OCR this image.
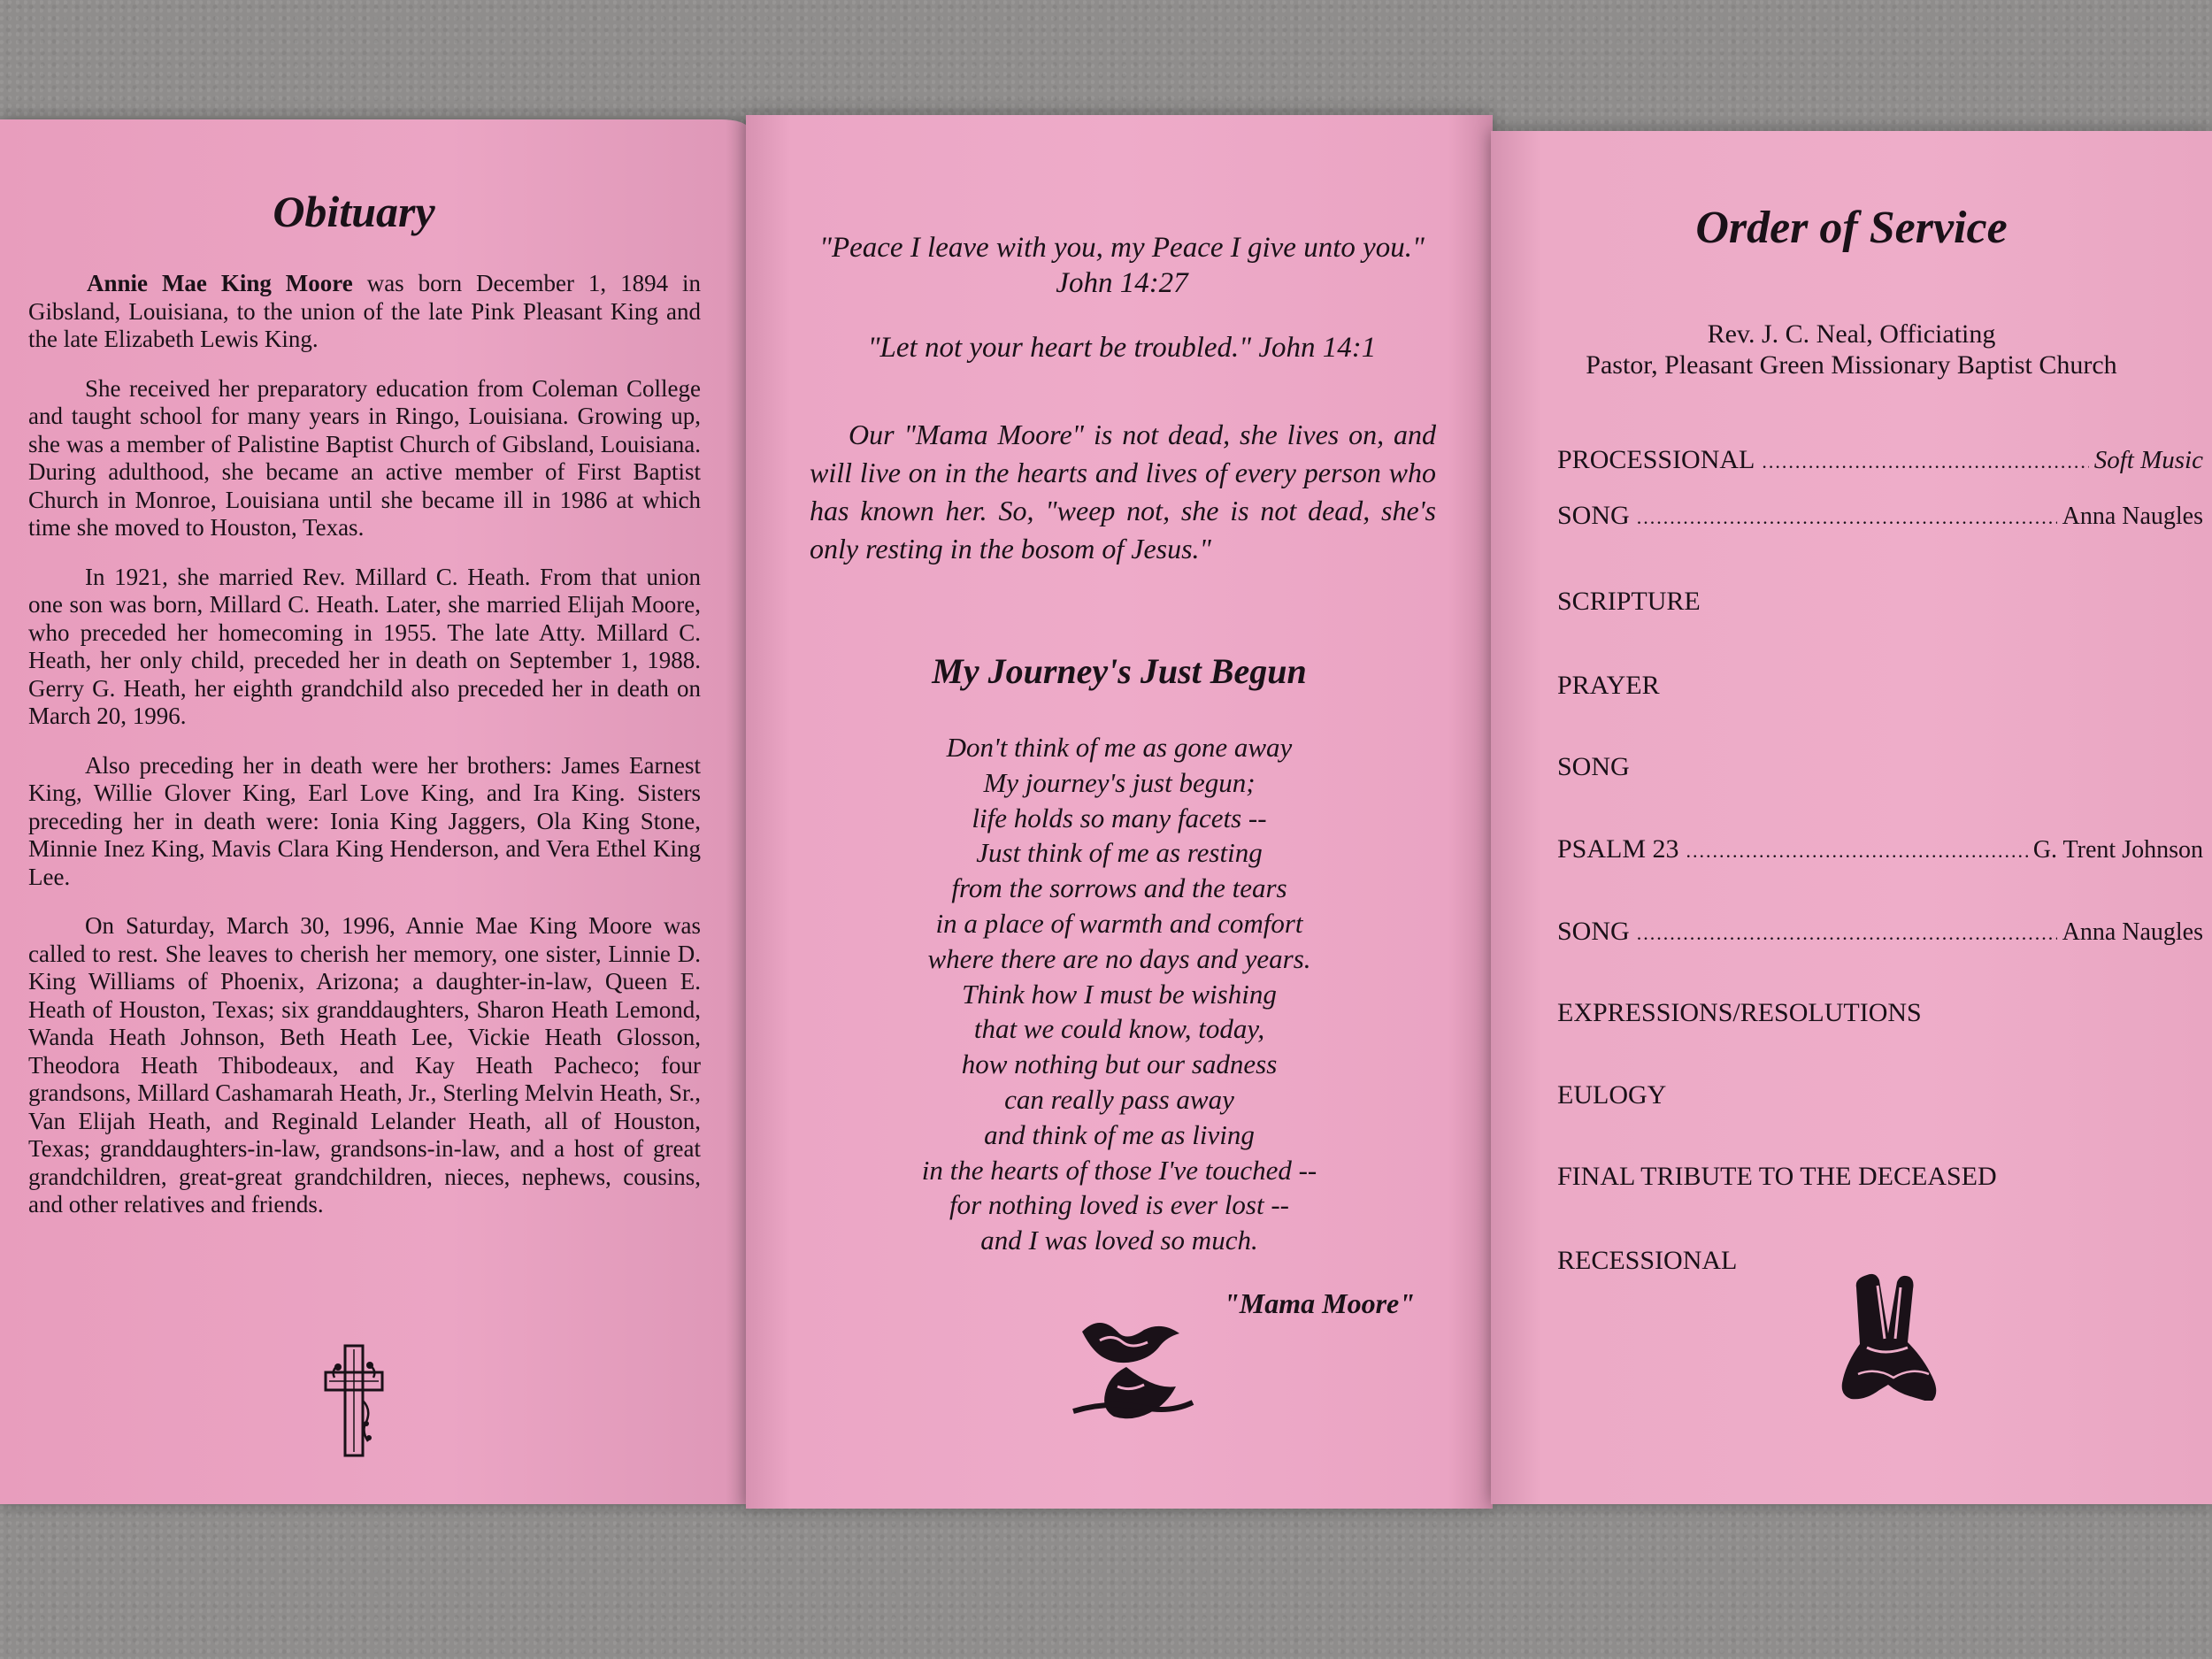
Obituary

Annie Mae King Moore was born December 1, 1894 in Gibsland, Louisiana, to the union of the late Pink Pleasant King and the late Elizabeth Lewis King.

She received her preparatory education from Coleman College and taught school for many years in Ringo, Louisiana. Growing up, she was a member of Palistine Baptist Church of Gibsland, Louisiana. During adulthood, she became an active member of First Baptist Church in Monroe, Louisiana until she became ill in 1986 at which time she moved to Houston, Texas.

In 1921, she married Rev. Millard C. Heath. From that union one son was born, Millard C. Heath. Later, she married Elijah Moore, who preceded her homecoming in 1955. The late Atty. Millard C. Heath, her only child, preceded her in death on September 1, 1988. Gerry G. Heath, her eighth grandchild also preceded her in death on March 20, 1996.

Also preceding her in death were her brothers: James Earnest King, Willie Glover King, Earl Love King, and Ira King. Sisters preceding her in death were: Ionia King Jaggers, Ola King Stone, Minnie Inez King, Mavis Clara King Henderson, and Vera Ethel King Lee.

On Saturday, March 30, 1996, Annie Mae King Moore was called to rest. She leaves to cherish her memory, one sister, Linnie D. King Williams of Phoenix, Arizona; a daughter-in-law, Queen E. Heath of Houston, Texas; six granddaughters, Sharon Heath Lemond, Wanda Heath Johnson, Beth Heath Lee, Vickie Heath Glosson, Theodora Heath Thibodeaux, and Kay Heath Pacheco; four grandsons, Millard Cashamarah Heath, Jr., Sterling Melvin Heath, Sr., Van Elijah Heath, and Reginald Lelander Heath, all of Houston, Texas; granddaughters-in-law, grandsons-in-law, and a host of great grandchildren, great-great grandchildren, nieces, nephews, cousins, and other relatives and friends.

"Peace I leave with you, my Peace I give unto you."
John 14:27
"Let not your heart be troubled." John 14:1
Our "Mama Moore" is not dead, she lives on, and will live on in the hearts and lives of every person who has known her. So, "weep not, she is not dead, she's only resting in the bosom of Jesus."
My Journey's Just Begun
Don't think of me as gone away
My journey's just begun;
life holds so many facets --
Just think of me as resting
from the sorrows and the tears
in a place of warmth and comfort
where there are no days and years.
Think how I must be wishing
that we could know, today,
how nothing but our sadness
can really pass away
and think of me as living
in the hearts of those I've touched --
for nothing loved is ever lost --
and I was loved so much.
"Mama Moore"
Order of Service
Rev. J. C. Neal, Officiating
Pastor, Pleasant Green Missionary Baptist Church
PROCESSIONAL .....	Soft Music
SONG .....	Anna Naugles
SCRIPTURE
PRAYER
SONG
PSALM 23 .....	G. Trent Johnson
SONG .....	Anna Naugles
EXPRESSIONS/RESOLUTIONS
EULOGY
FINAL TRIBUTE TO THE DECEASED
RECESSIONAL
